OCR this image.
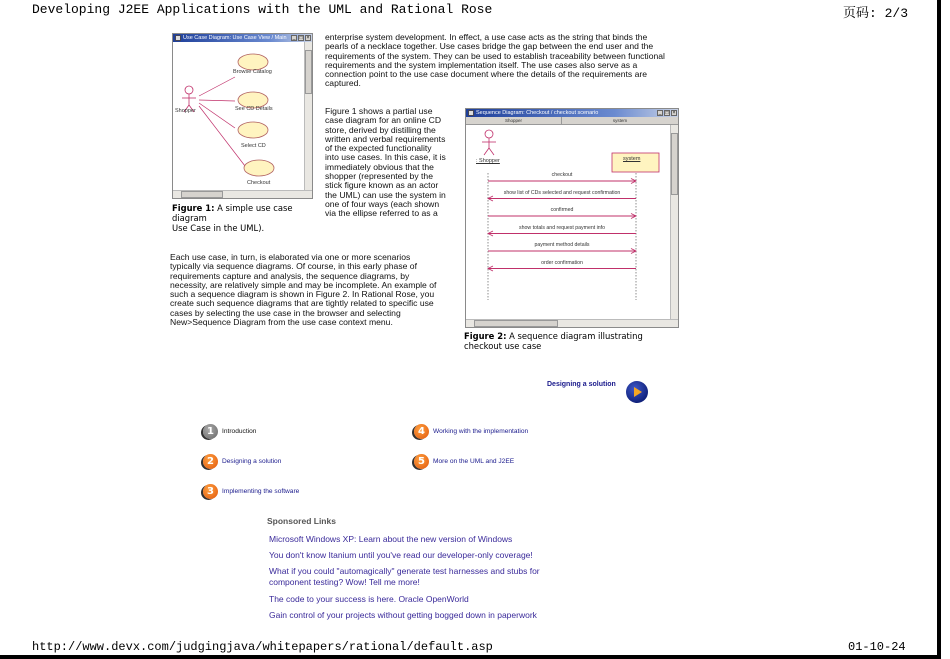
Developing J2EE Applications with the UML and Rational Rose	页码: 2/3
http://www.devx.com/judgingjava/whitepapers/rational/default.asp	01-10-24
enterprise system development. In effect, a use case acts as the string that binds the
pearls of a necklace together. Use cases bridge the gap between the end user and the
requirements of the system. They can be used to establish traceability between functional
requirements and the system implementation itself. The use cases also serve as a
connection point to the use case document where the details of the requirements are
captured.
Use Case Diagram: Use Case View / Main	_ □ ×
Shopper
Browse Catalog
See CD Details
Select CD
Checkout
Figure 1: A simple use case diagram
Use Case in the UML).
Figure 1 shows a partial use
case diagram for an online CD
store, derived by distilling the
written and verbal requirements
of the expected functionality
into use cases. In this case, it is
immediately obvious that the
shopper (represented by the
stick figure known as an actor
the UML) can use the system in
one of four ways (each shown
via the ellipse referred to as a
Sequence Diagram: Checkout / checkout scenario	_ □ ×
Shopper	system
: Shopper	system
checkout
show list of CDs selected and request confirmation
confirmed
show totals and request payment info
payment method details
order confirmation
Figure 2: A sequence diagram illustrating checkout use case
Each use case, in turn, is elaborated via one or more scenarios
typically via sequence diagrams. Of course, in this early phase of
requirements capture and analysis, the sequence diagrams, by
necessity, are relatively simple and may be incomplete. An example of
such a sequence diagram is shown in Figure 2. In Rational Rose, you
create such sequence diagrams that are tightly related to specific use
cases by selecting the use case in the browser and selecting
New>Sequence Diagram from the use case context menu.
Designing a solution
1	Introduction
2	Designing a solution
3	Implementing the software
4	Working with the implementation
5	More on the UML and J2EE
Sponsored Links
Microsoft Windows XP: Learn about the new version of Windows
You don't know Itanium until you've read our developer-only coverage!
What if you could "automagically" generate test harnesses and stubs for component testing? Wow! Tell me more!
The code to your success is here. Oracle OpenWorld
Gain control of your projects without getting bogged down in paperwork
